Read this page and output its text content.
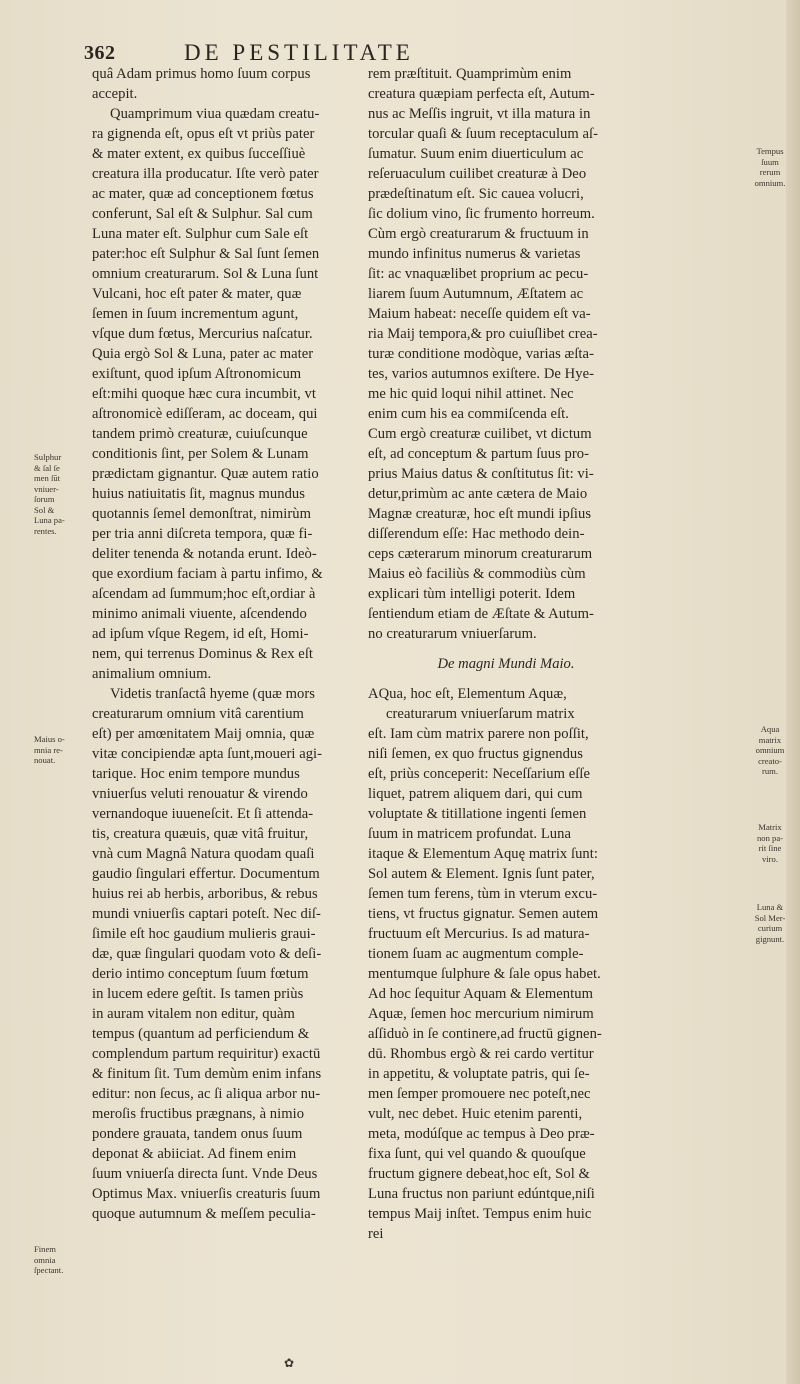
362	DE PESTILITATE
quâ Adam primus homo ſuum corpus
accepit.
Quamprimum viua quædam creatu-
ra gignenda eſt, opus eſt vt priùs pater
& mater extent, ex quibus ſucceſſiuè
creatura illa producatur. Iſte verò pater
ac mater, quæ ad conceptionem fœtus
conferunt, Sal eſt & Sulphur. Sal cum
Luna mater eſt. Sulphur cum Sale eſt
pater:hoc eſt Sulphur & Sal ſunt ſemen
omnium creaturarum. Sol & Luna ſunt
Vulcani, hoc eſt pater & mater, quæ
ſemen in ſuum incrementum agunt,
vſque dum fœtus, Mercurius naſcatur.
Quia ergò Sol & Luna, pater ac mater
exiſtunt, quod ipſum Aſtronomicum
eſt:mihi quoque hæc cura incumbit, vt
aſtronomicè ediſſeram, ac doceam, qui
tandem primò creaturæ, cuiuſcunque
conditionis ſint, per Solem & Lunam
prædictam gignantur. Quæ autem ratio
huius natiuitatis ſit, magnus mundus
quotannis ſemel demonſtrat, nimirùm
per tria anni diſcreta tempora, quæ fi-
deliter tenenda & notanda erunt. Ideò-
que exordium faciam à partu infimo, &
aſcendam ad ſummum;hoc eſt,ordiar à
minimo animali viuente, aſcendendo
ad ipſum vſque Regem, id eſt, Homi-
nem, qui terrenus Dominus & Rex eſt
animalium omnium.
Videtis tranſactâ hyeme (quæ mors
creaturarum omnium vitâ carentium
eſt) per amœnitatem Maij omnia, quæ
vitæ concipiendæ apta ſunt,moueri agi-
tarique. Hoc enim tempore mundus
vniuerſus veluti renouatur & virendo
vernandoque iuueneſcit. Et ſi attenda-
tis, creatura quæuis, quæ vitâ fruitur,
vnà cum Magnâ Natura quodam quaſi
gaudio ſingulari effertur. Documentum
huius rei ab herbis, arboribus, & rebus
mundi vniuerſis captari poteſt. Nec diſ-
ſimile eſt hoc gaudium mulieris graui-
dæ, quæ ſingulari quodam voto & deſi-
derio intimo conceptum ſuum fœtum
in lucem edere geſtit. Is tamen priùs
in auram vitalem non editur, quàm
tempus (quantum ad perficiendum &
complendum partum requiritur) exactū
& finitum ſit. Tum demùm enim infans
editur: non ſecus, ac ſi aliqua arbor nu-
meroſis fructibus prægnans, à nimio
pondere grauata, tandem onus ſuum
deponat & abiiciat. Ad finem enim
ſuum vniuerſa directa ſunt. Vnde Deus
Optimus Max. vniuerſis creaturis ſuum
quoque autumnum & meſſem peculia-
rem præſtituit. Quamprimùm enim
creatura quæpiam perfecta eſt, Autum-
nus ac Meſſis ingruit, vt illa matura in
torcular quaſi & ſuum receptaculum aſ-
ſumatur. Suum enim diuerticulum ac
reſeruaculum cuilibet creaturæ à Deo
prædeſtinatum eſt. Sic cauea volucri,
ſic dolium vino, ſic frumento horreum.
Cùm ergò creaturarum & fructuum in
mundo infinitus numerus & varietas
ſit: ac vnaquælibet proprium ac pecu-
liarem ſuum Autumnum, Æſtatem ac
Maium habeat: neceſſe quidem eſt va-
ria Maij tempora,& pro cuiuſlibet crea-
turæ conditione modòque, varias æſta-
tes, varios autumnos exiſtere. De Hye-
me hic quid loqui nihil attinet. Nec
enim cum his ea commiſcenda eſt.
Cum ergò creaturæ cuilibet, vt dictum
eſt, ad conceptum & partum ſuus pro-
prius Maius datus & conſtitutus ſit: vi-
detur,primùm ac ante cætera de Maio
Magnæ creaturæ, hoc eſt mundi ipſius
diſſerendum eſſe: Hac methodo dein-
ceps cæterarum minorum creaturarum
Maius eò faciliùs & commodiùs cùm
explicari tùm intelligi poterit. Idem
ſentiendum etiam de Æſtate & Autum-
no creaturarum vniuerſarum.
De magni Mundi Maio.
AQua, hoc eſt, Elementum Aquæ,
creaturarum vniuerſarum matrix
eſt. Iam cùm matrix parere non poſſit,
niſi ſemen, ex quo fructus gignendus
eſt, priùs conceperit: Neceſſarium eſſe
liquet, patrem aliquem dari, qui cum
voluptate & titillatione ingenti ſemen
ſuum in matricem profundat. Luna
itaque & Elementum Aquę matrix ſunt:
Sol autem & Element. Ignis ſunt pater,
ſemen tum ferens, tùm in vterum excu-
tiens, vt fructus gignatur. Semen autem
fructuum eſt Mercurius. Is ad matura-
tionem ſuam ac augmentum comple-
mentumque ſulphure & ſale opus habet.
Ad hoc ſequitur Aquam & Elementum
Aquæ, ſemen hoc mercurium nimirum
aſſiduò in ſe continere,ad fructū gignen-
dū. Rhombus ergò & rei cardo vertitur
in appetitu, & voluptate patris, qui ſe-
men ſemper promouere nec poteſt,nec
vult, nec debet. Huic etenim parenti,
meta, modúſque ac tempus à Deo præ-
fixa ſunt, qui vel quando & quouſque
fructum gignere debeat,hoc eſt, Sol &
Luna fructus non pariunt edúntque,niſi
tempus Maij inſtet. Tempus enim huic
rei
Sulphur
& ſal ſe
men ſūt
vniuer-
ſorum
Sol &
Luna pa-
rentes.
Maius o-
mnia re-
nouat.
Finem
omnia
ſpectant.
Tempus
ſuum
rerum
omnium.
Aqua
matrix
omnium
creato-
rum.
Matrix
non pa-
rit ſine
viro.
Luna &
Sol Mer-
curium
gignunt.
✿
